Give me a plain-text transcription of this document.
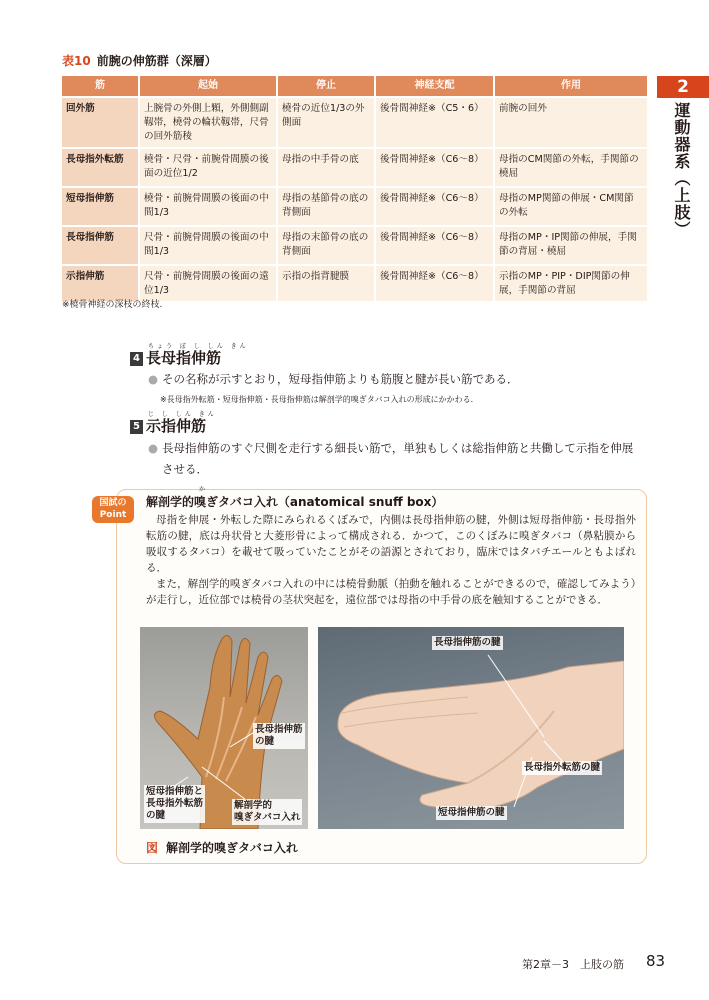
表10 前腕の伸筋群（深層）
筋	起始	停止	神経支配	作用
回外筋	上腕骨の外側上顆，外側側副靱帯，橈骨の輪状靱帯，尺骨の回外筋稜	橈骨の近位1/3の外側面	後骨間神経※（C5・6）	前腕の回外
長母指外転筋	橈骨・尺骨・前腕骨間膜の後面の近位1/2	母指の中手骨の底	後骨間神経※（C6～8）	母指のCM関節の外転，手関節の橈屈
短母指伸筋	橈骨・前腕骨間膜の後面の中間1/3	母指の基節骨の底の背側面	後骨間神経※（C6～8）	母指のMP関節の伸展・CM関節の外転
長母指伸筋	尺骨・前腕骨間膜の後面の中間1/3	母指の末節骨の底の背側面	後骨間神経※（C6～8）	母指のMP・IP関節の伸展，手関節の背屈・橈屈
示指伸筋	尺骨・前腕骨間膜の後面の遠位1/3	示指の指背腱膜	後骨間神経※（C6～8）	示指のMP・PIP・DIP関節の伸展，手関節の背屈
※橈骨神経の深枝の終枝.
2
運動器系（上肢）
ちょう ぼ し しん きん
4 長母指伸筋
● その名称が示すとおり，短母指伸筋よりも筋腹と腱が長い筋である．
※長母指外転筋・短母指伸筋・長母指伸筋は解剖学的嗅ぎタバコ入れの形成にかかわる．
じ し しん きん
5 示指伸筋
● 長母指伸筋のすぐ尺側を走行する細長い筋で，単独もしくは総指伸筋と共働して示指を伸展
させる．
国試の
Point
か
解剖学的嗅ぎタバコ入れ（anatomical snuff box）

母指を伸展・外転した際にみられるくぼみで，内側は長母指伸筋の腱，外側は短母指伸筋・長母指外転筋の腱，底は舟状骨と大菱形骨によって構成される．かつて，このくぼみに嗅ぎタバコ（鼻粘膜から吸収するタバコ）を載せて吸っていたことがその語源とされており，臨床ではタバチエールともよばれる．

また，解剖学的嗅ぎタバコ入れの中には橈骨動脈（拍動を触れることができるので，確認してみよう）が走行し，近位部では橈骨の茎状突起を，遠位部では母指の中手骨の底を触知することができる．

長母指伸筋
の腱
短母指伸筋と
長母指外転筋
の腱
解剖学的
嗅ぎタバコ入れ
長母指伸筋の腱
長母指外転筋の腱
短母指伸筋の腱
図 解剖学的嗅ぎタバコ入れ
第2章－3　上肢の筋 83
